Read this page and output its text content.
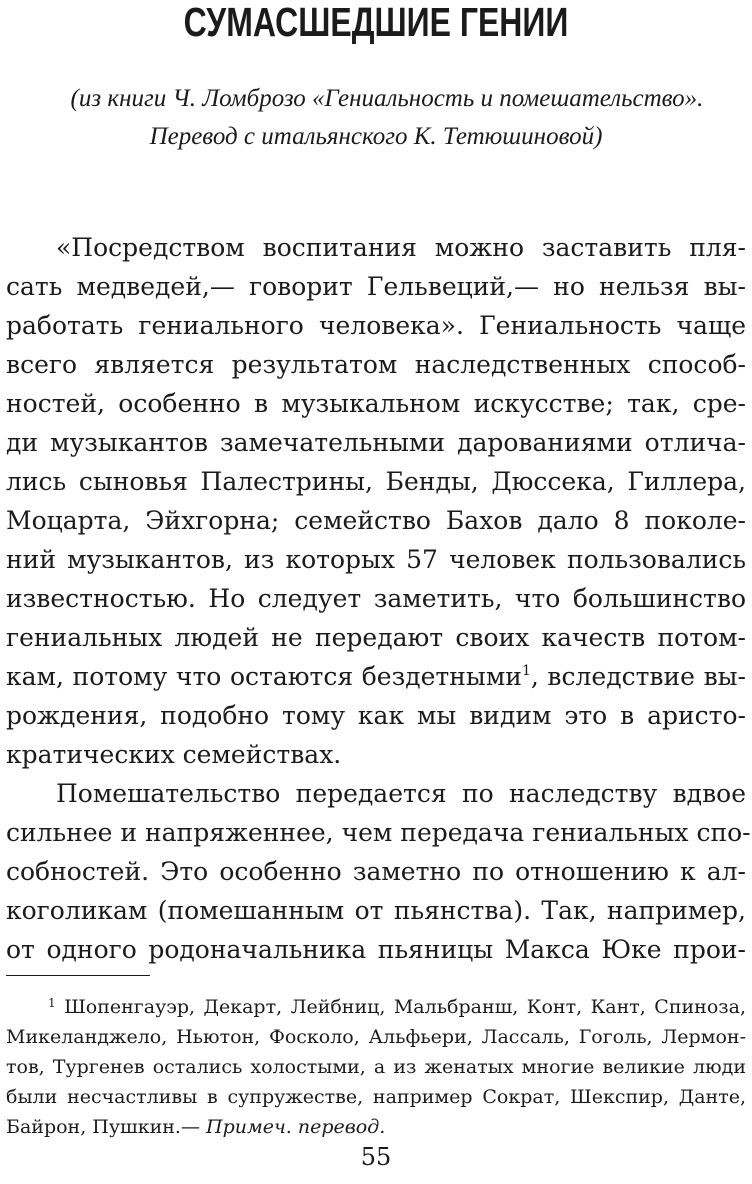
СУМАСШЕДШИЕ ГЕНИИ
(из книги Ч. Ломброзо «Гениальность и помешательство».
Перевод с итальянского К. Тетюшиновой)
«Посредством воспитания можно заставить пля-
сать медведей,— говорит Гельвеций,— но нельзя вы-
работать гениального человека». Гениальность чаще
всего является результатом наследственных способ-
ностей, особенно в музыкальном искусстве; так, сре-
ди музыкантов замечательными дарованиями отлича-
лись сыновья Палестрины, Бенды, Дюссека, Гиллера,
Моцарта, Эйхгорна; семейство Бахов дало 8 поколе-
ний музыкантов, из которых 57 человек пользовались
известностью. Но следует заметить, что большинство
гениальных людей не передают своих качеств потом-
кам, потому что остаются бездетными$^1$, вследствие вы-
рождения, подобно тому как мы видим это в аристо-
кратических семействах.
Помешательство передается по наследству вдвое
сильнее и напряженнее, чем передача гениальных спо-
собностей. Это особенно заметно по отношению к ал-
коголикам (помешанным от пьянства). Так, например,
от одного родоначальника пьяницы Макса Юке прои-
$^1$ Шопенгауэр, Декарт, Лейбниц, Мальбранш, Конт, Кант, Спиноза,
Микеланджело, Ньютон, Фосколо, Альфьери, Лассаль, Гоголь, Лермон-
тов, Тургенев остались холостыми, а из женатых многие великие люди
были несчастливы в супружестве, например Сократ, Шекспир, Данте,
Байрон, Пушкин.— Примеч. перевод.
55
